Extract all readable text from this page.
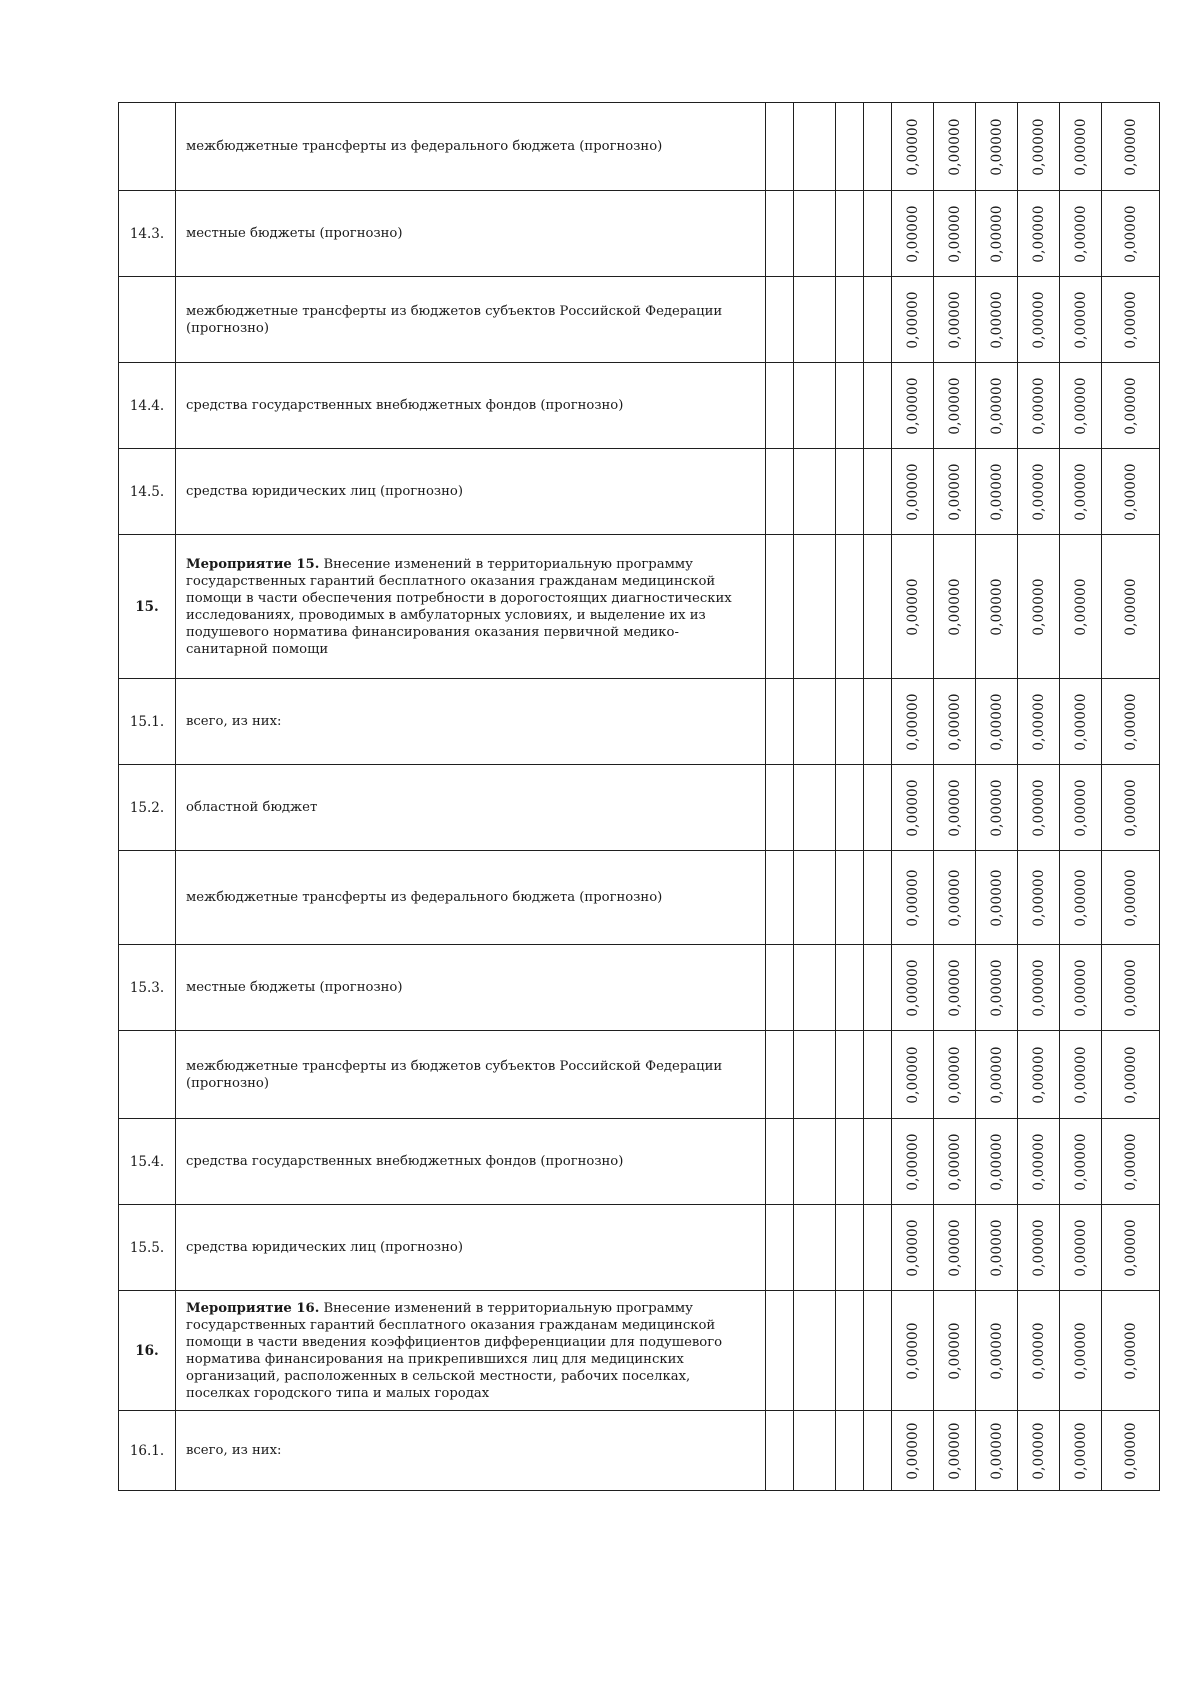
	межбюджетные трансферты из федерального бюджета (прогнозно)					0,00000	0,00000	0,00000	0,00000	0,00000	0,00000

14.3.	местные бюджеты (прогнозно)					0,00000	0,00000	0,00000	0,00000	0,00000	0,00000

	межбюджетные трансферты из бюджетов субъектов Российской Федерации (прогнозно)					0,00000	0,00000	0,00000	0,00000	0,00000	0,00000

14.4.	средства государственных внебюджетных фондов (прогнозно)					0,00000	0,00000	0,00000	0,00000	0,00000	0,00000

14.5.	средства юридических лиц (прогнозно)					0,00000	0,00000	0,00000	0,00000	0,00000	0,00000

15.	Мероприятие 15. Внесение изменений в территориальную программу государственных гарантий бесплатного оказания гражданам медицинской помощи в части обеспечения потребности в дорогостоящих диагностических исследованиях, проводимых в амбулаторных условиях, и выделение их из подушевого норматива финансирования оказания первичной медико-санитарной помощи					0,00000	0,00000	0,00000	0,00000	0,00000	0,00000

15.1.	всего, из них:					0,00000	0,00000	0,00000	0,00000	0,00000	0,00000

15.2.	областной бюджет					0,00000	0,00000	0,00000	0,00000	0,00000	0,00000

	межбюджетные трансферты из федерального бюджета (прогнозно)					0,00000	0,00000	0,00000	0,00000	0,00000	0,00000

15.3.	местные бюджеты (прогнозно)					0,00000	0,00000	0,00000	0,00000	0,00000	0,00000

	межбюджетные трансферты из бюджетов субъектов Российской Федерации (прогнозно)					0,00000	0,00000	0,00000	0,00000	0,00000	0,00000

15.4.	средства государственных внебюджетных фондов (прогнозно)					0,00000	0,00000	0,00000	0,00000	0,00000	0,00000

15.5.	средства юридических лиц (прогнозно)					0,00000	0,00000	0,00000	0,00000	0,00000	0,00000

16.	Мероприятие 16. Внесение изменений в территориальную программу государственных гарантий бесплатного оказания гражданам медицинской помощи в части введения коэффициентов дифференциации для подушевого норматива финансирования на прикрепившихся лиц для медицинских организаций, расположенных в сельской местности, рабочих поселках, поселках городского типа и малых городах					0,00000	0,00000	0,00000	0,00000	0,00000	0,00000

16.1.	всего, из них:					0,00000	0,00000	0,00000	0,00000	0,00000	0,00000
